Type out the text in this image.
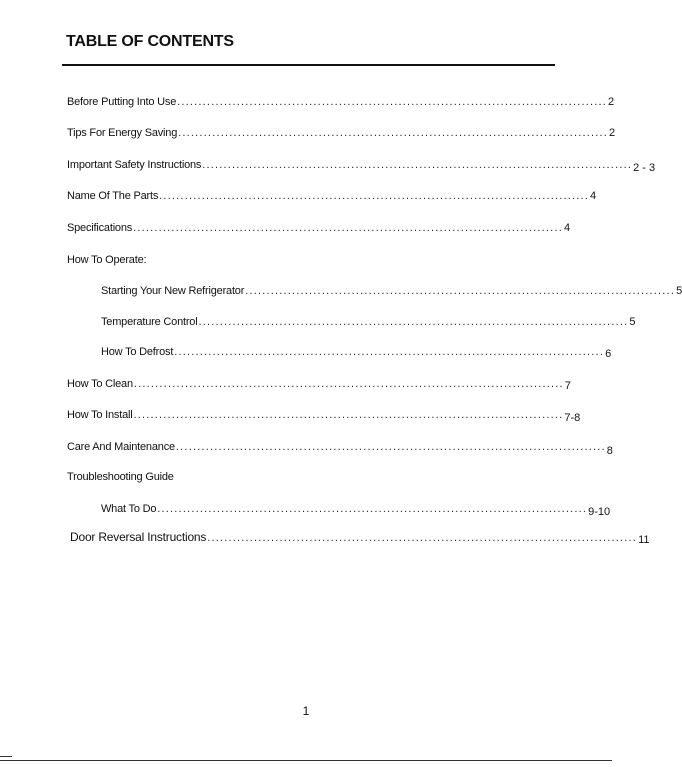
TABLE OF CONTENTS
Before Putting Into Use ..................................................................................................... 2
Tips For Energy Saving ..................................................................................................... 2
Important Safety Instructions ..................................................................................................... 2 - 3
Name Of The Parts ..................................................................................................... 4
Specifications ..................................................................................................... 4
How To Operate:
Starting Your New Refrigerator ..................................................................................................... 5
Temperature Control ..................................................................................................... 5
How To Defrost ..................................................................................................... 6
How To Clean ..................................................................................................... 7
How To Install ..................................................................................................... 7-8
Care And Maintenance ..................................................................................................... 8
Troubleshooting Guide
What To Do ..................................................................................................... 9-10
Door Reversal Instructions ..................................................................................................... 11
1
